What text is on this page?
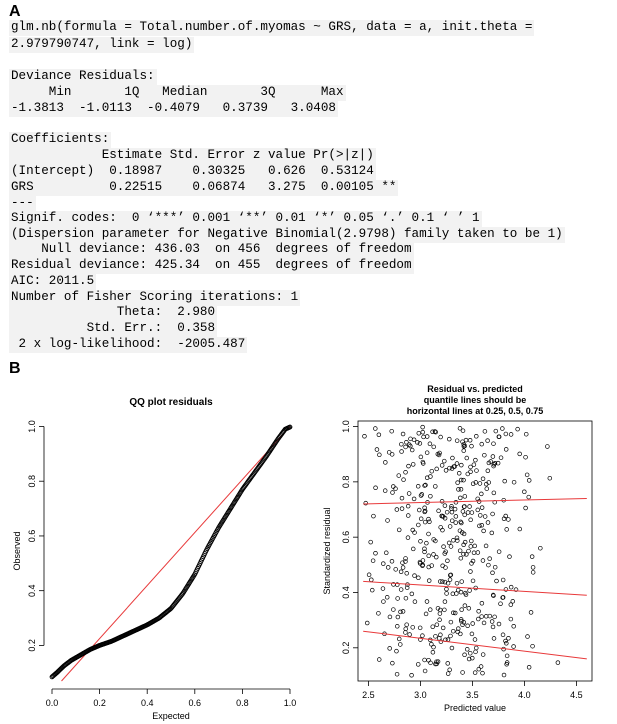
A
glm.nb(formula = Total.number.of.myomas ~ GRS, data = a, init.theta =
2.979790747, link = log)
Deviance Residuals:
Min       1Q   Median       3Q      Max
-1.3813  -1.0113  -0.4079   0.3739   3.0408
Coefficients:
Estimate Std. Error z value Pr(>|z|)
(Intercept)  0.18987    0.30325   0.626  0.53124
GRS          0.22515    0.06874   3.275  0.00105 **
---
Signif. codes:  0 ‘***’ 0.001 ‘**’ 0.01 ‘*’ 0.05 ‘.’ 0.1 ‘ ’ 1
(Dispersion parameter for Negative Binomial(2.9798) family taken to be 1)
Null deviance: 436.03  on 456  degrees of freedom
Residual deviance: 425.34  on 455  degrees of freedom
AIC: 2011.5
Number of Fisher Scoring iterations: 1
Theta:  2.980
Std. Err.:  0.358
2 x log-likelihood:  -2005.487
B
QQ plot residuals
0.0	0.2	0.4	0.6	0.8	1.0
0.2
0.4
0.6
0.8
1.0
Expected
Observed
Residual vs. predicted
quantile lines should be
horizontal lines at 0.25, 0.5, 0.75
2.5	3.0	3.5	4.0	4.5
0.2
0.4
0.6
0.8
1.0
Predicted value
Standardized residual
